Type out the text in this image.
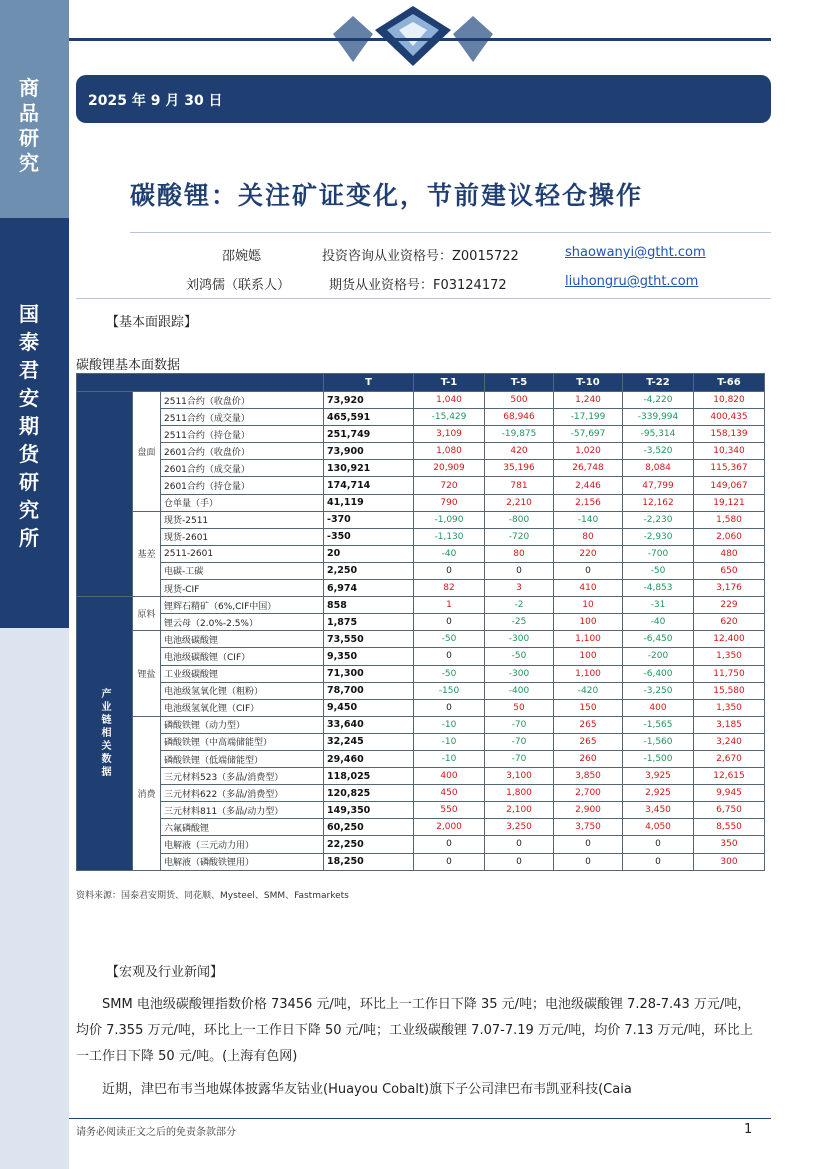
商品研究
国泰君安期货研究所
2025 年 9 月 30 日
碳酸锂：关注矿证变化，节前建议轻仓操作
邵婉嫕	投资咨询从业资格号：Z0015722	shaowanyi@gtht.com
刘鸿儒（联系人）	期货从业资格号：F03124172	liuhongru@gtht.com
【基本面跟踪】
碳酸锂基本面数据
			T	T-1	T-5	T-10	T-22	T-66
	盘面	2511合约（收盘价）	73,920	1,040	500	1,240	-4,220	10,820
		2511合约（成交量）	465,591	-15,429	68,946	-17,199	-339,994	400,435
		2511合约（持仓量）	251,749	3,109	-19,875	-57,697	-95,314	158,139
		2601合约（收盘价）	73,900	1,080	420	1,020	-3,520	10,340
		2601合约（成交量）	130,921	20,909	35,196	26,748	8,084	115,367
		2601合约（持仓量）	174,714	720	781	2,446	47,799	149,067
		仓单量（手）	41,119	790	2,210	2,156	12,162	19,121
	基差	现货-2511	-370	-1,090	-800	-140	-2,230	1,580
		现货-2601	-350	-1,130	-720	80	-2,930	2,060
		2511-2601	20	-40	80	220	-700	480
		电碳-工碳	2,250	0	0	0	-50	650
		现货-CIF	6,974	82	3	410	-4,853	3,176
产业链相关数据	原料	锂辉石精矿（6%,CIF中国）	858	1	-2	10	-31	229
		锂云母（2.0%-2.5%）	1,875	0	-25	100	-40	620
	锂盐	电池级碳酸锂	73,550	-50	-300	1,100	-6,450	12,400
		电池级碳酸锂（CIF）	9,350	0	-50	100	-200	1,350
		工业级碳酸锂	71,300	-50	-300	1,100	-6,400	11,750
		电池级氢氧化锂（粗粉）	78,700	-150	-400	-420	-3,250	15,580
		电池级氢氧化锂（CIF）	9,450	0	50	150	400	1,350
	消费	磷酸铁锂（动力型）	33,640	-10	-70	265	-1,565	3,185
		磷酸铁锂（中高端储能型）	32,245	-10	-70	265	-1,560	3,240
		磷酸铁锂（低端储能型）	29,460	-10	-70	260	-1,500	2,670
		三元材料523（多晶/消费型）	118,025	400	3,100	3,850	3,925	12,615
		三元材料622（多晶/消费型）	120,825	450	1,800	2,700	2,925	9,945
		三元材料811（多晶/动力型）	149,350	550	2,100	2,900	3,450	6,750
		六氟磷酸锂	60,250	2,000	3,250	3,750	4,050	8,550
		电解液（三元动力用）	22,250	0	0	0	0	350
		电解液（磷酸铁锂用）	18,250	0	0	0	0	300
资料来源：国泰君安期货、同花顺、Mysteel、SMM、Fastmarkets
【宏观及行业新闻】
SMM 电池级碳酸锂指数价格 73456 元/吨，环比上一工作日下降 35 元/吨；电池级碳酸锂 7.28-7.43 万元/吨，均价 7.355 万元/吨，环比上一工作日下降 50 元/吨；工业级碳酸锂 7.07-7.19 万元/吨，均价 7.13 万元/吨，环比上一工作日下降 50 元/吨。(上海有色网)
近期，津巴布韦当地媒体披露华友钴业(Huayou Cobalt)旗下子公司津巴布韦凯亚科技(Caia
请务必阅读正文之后的免责条款部分	1
